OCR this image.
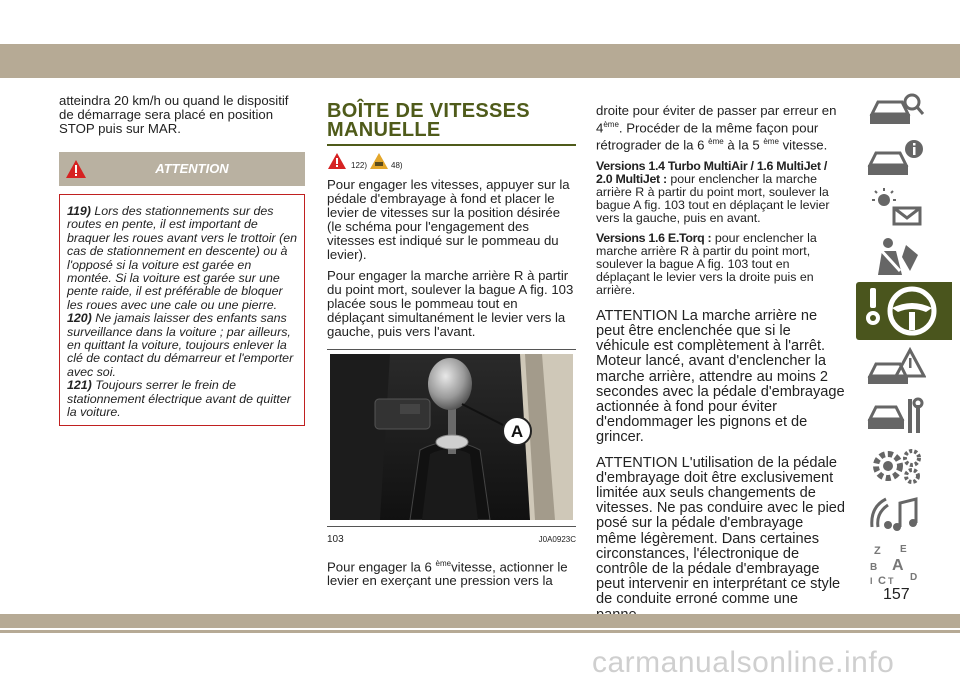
atteindra 20 km/h ou quand le dispositif de démarrage sera placé en position STOP puis sur MAR.

ATTENTION
119) Lors des stationnements sur des routes en pente, il est important de braquer les roues avant vers le trottoir (en cas de stationnement en descente) ou à l'opposé si la voiture est garée en montée. Si la voiture est garée sur une pente raide, il est préférable de bloquer les roues avec une cale ou une pierre.
120) Ne jamais laisser des enfants sans surveillance dans la voiture ; par ailleurs, en quittant la voiture, toujours enlever la clé de contact du démarreur et l'emporter avec soi.
121) Toujours serrer le frein de stationnement électrique avant de quitter la voiture.
BOÎTE DE VITESSES
MANUELLE
122)	48)

Pour engager les vitesses, appuyer sur la pédale d'embrayage à fond et placer le levier de vitesses sur la position désirée (le schéma pour l'engagement des vitesses est indiqué sur le pommeau du levier).

Pour engager la marche arrière R à partir du point mort, soulever la bague A fig. 103 placée sous le pommeau tout en déplaçant simultanément le levier vers la gauche, puis vers l'avant.

A
103	J0A0923C

Pour engager la 6 $^{ème}$vitesse, actionner le levier en exerçant une pression vers la

droite pour éviter de passer par erreur en 4ème. Procéder de la même façon pour rétrograder de la 6 $^{ème}$ à la 5 $^{ème}$ vitesse.

Versions 1.4 Turbo MultiAir / 1.6 MultiJet / 2.0 MultiJet : pour enclencher la marche arrière R à partir du point mort, soulever la bague A fig. 103 tout en déplaçant le levier vers la gauche, puis en avant.

Versions 1.6 E.Torq : pour enclencher la marche arrière R à partir du point mort, soulever la bague A fig. 103 tout en déplaçant le levier vers la droite puis en arrière.

ATTENTION La marche arrière ne peut être enclenchée que si le véhicule est complètement à l'arrêt. Moteur lancé, avant d'enclencher la marche arrière, attendre au moins 2 secondes avec la pédale d'embrayage actionnée à fond pour éviter d'endommager les pignons et de grincer.

ATTENTION L'utilisation de la pédale d'embrayage doit être exclusivement limitée aux seuls changements de vitesses. Ne pas conduire avec le pied posé sur la pédale d'embrayage même légèrement. Dans certaines circonstances, l'électronique de contrôle de la pédale d'embrayage peut intervenir en interprétant ce style de conduite erroné comme une

Z E
B A
C D
I T
157
carmanualsonline.info
